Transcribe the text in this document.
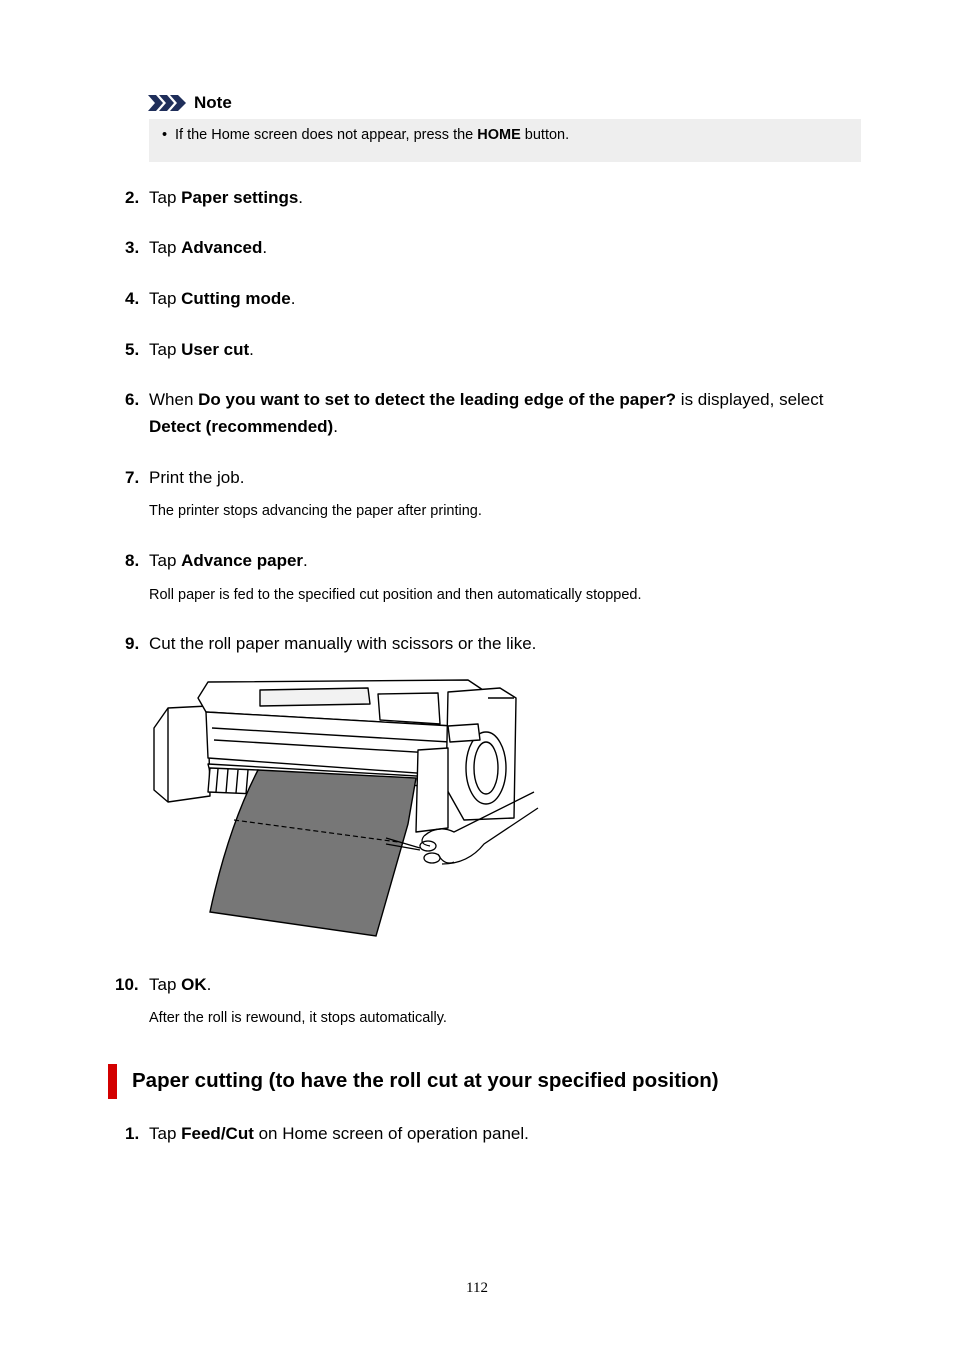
Note
• If the Home screen does not appear, press the HOME button.
2. Tap Paper settings.
3. Tap Advanced.
4. Tap Cutting mode.
5. Tap User cut.
6. When Do you want to set to detect the leading edge of the paper? is displayed, select
Detect (recommended).
7. Print the job.
The printer stops advancing the paper after printing.
8. Tap Advance paper.
Roll paper is fed to the specified cut position and then automatically stopped.
9. Cut the roll paper manually with scissors or the like.
10. Tap OK.
After the roll is rewound, it stops automatically.
Paper cutting (to have the roll cut at your specified position)
1. Tap Feed/Cut on Home screen of operation panel.
112
